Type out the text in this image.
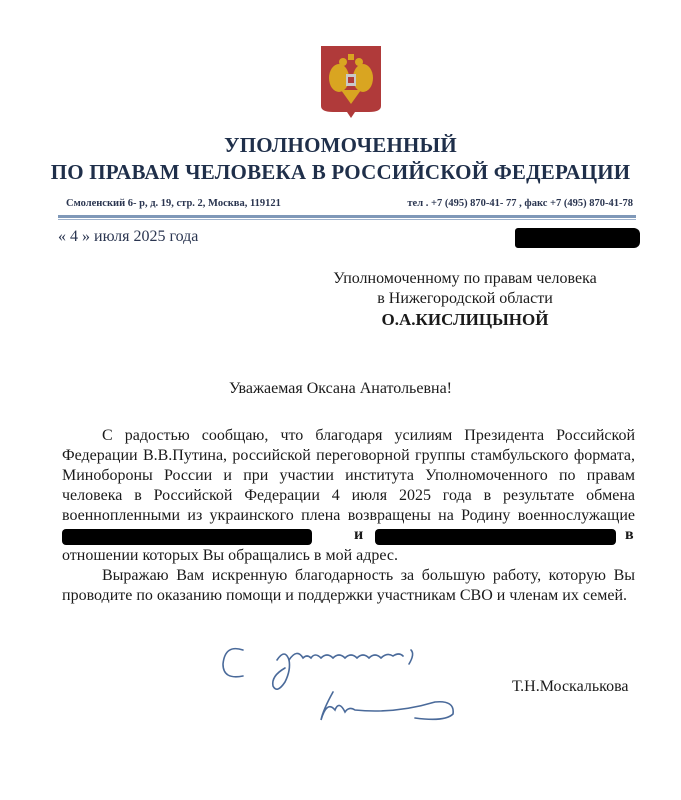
УПОЛНОМОЧЕННЫЙ
ПО ПРАВАМ ЧЕЛОВЕКА В РОССИЙСКОЙ ФЕДЕРАЦИИ
Смоленский 6- р, д. 19, стр. 2, Москва, 119121	тел . +7 (495) 870-41- 77 , факс +7 (495) 870-41-78
« 4 » июля 2025 года
Уполномоченному по правам человека
в Нижегородской области
О.А.КИСЛИЦЫНОЙ
Уважаемая Оксана Анатольевна!
С радостью сообщаю, что благодаря усилиям Президента Российской
Федерации В.В.Путина, российской переговорной группы стамбульского формата,
Минобороны России и при участии института Уполномоченного по правам
человека в Российской Федерации 4 июля 2025 года в результате обмена
военнопленными из украинского плена возвращены на Родину военнослужащие
и	в
отношении которых Вы обращались в мой адрес.
Выражаю Вам искренную благодарность за большую работу, которую Вы
проводите по оказанию помощи и поддержки участникам СВО и членам их семей.
Т.Н.Москалькова
